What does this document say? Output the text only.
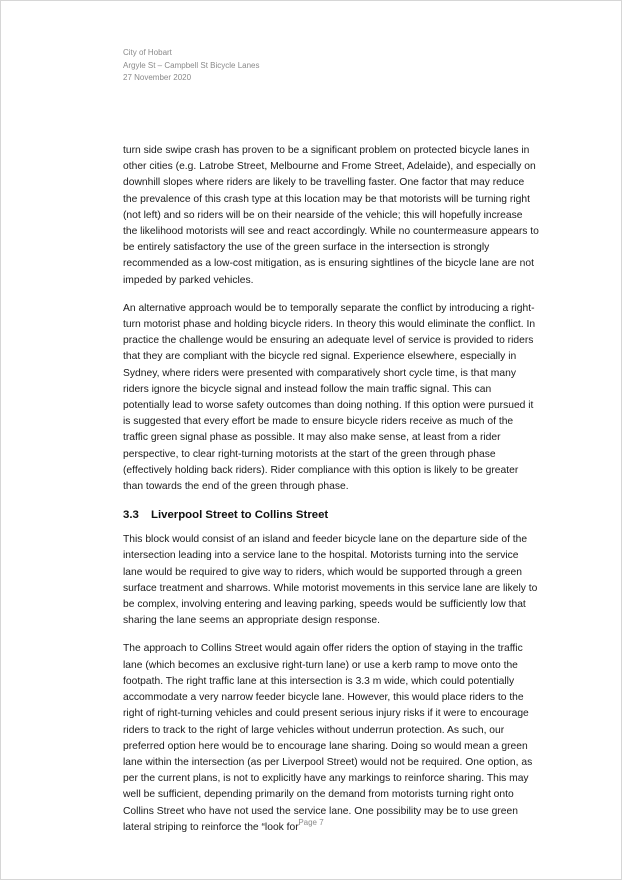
City of Hobart
Argyle St – Campbell St Bicycle Lanes
27 November 2020

turn side swipe crash has proven to be a significant problem on protected bicycle lanes in other cities (e.g. Latrobe Street, Melbourne and Frome Street, Adelaide), and especially on downhill slopes where riders are likely to be travelling faster. One factor that may reduce the prevalence of this crash type at this location may be that motorists will be turning right (not left) and so riders will be on their nearside of the vehicle; this will hopefully increase the likelihood motorists will see and react accordingly. While no countermeasure appears to be entirely satisfactory the use of the green surface in the intersection is strongly recommended as a low-cost mitigation, as is ensuring sightlines of the bicycle lane are not impeded by parked vehicles.

An alternative approach would be to temporally separate the conflict by introducing a right-turn motorist phase and holding bicycle riders. In theory this would eliminate the conflict. In practice the challenge would be ensuring an adequate level of service is provided to riders that they are compliant with the bicycle red signal. Experience elsewhere, especially in Sydney, where riders were presented with comparatively short cycle time, is that many riders ignore the bicycle signal and instead follow the main traffic signal. This can potentially lead to worse safety outcomes than doing nothing. If this option were pursued it is suggested that every effort be made to ensure bicycle riders receive as much of the traffic green signal phase as possible. It may also make sense, at least from a rider perspective, to clear right-turning motorists at the start of the green through phase (effectively holding back riders). Rider compliance with this option is likely to be greater than towards the end of the green through phase.

3.3	Liverpool Street to Collins Street

This block would consist of an island and feeder bicycle lane on the departure side of the intersection leading into a service lane to the hospital. Motorists turning into the service lane would be required to give way to riders, which would be supported through a green surface treatment and sharrows. While motorist movements in this service lane are likely to be complex, involving entering and leaving parking, speeds would be sufficiently low that sharing the lane seems an appropriate design response.

The approach to Collins Street would again offer riders the option of staying in the traffic lane (which becomes an exclusive right-turn lane) or use a kerb ramp to move onto the footpath. The right traffic lane at this intersection is 3.3 m wide, which could potentially accommodate a very narrow feeder bicycle lane. However, this would place riders to the right of right-turning vehicles and could present serious injury risks if it were to encourage riders to track to the right of large vehicles without underrun protection. As such, our preferred option here would be to encourage lane sharing. Doing so would mean a green lane within the intersection (as per Liverpool Street) would not be required. One option, as per the current plans, is not to explicitly have any markings to reinforce sharing. This may well be sufficient, depending primarily on the demand from motorists turning right onto Collins Street who have not used the service lane. One possibility may be to use green lateral striping to reinforce the “look for Page 7
